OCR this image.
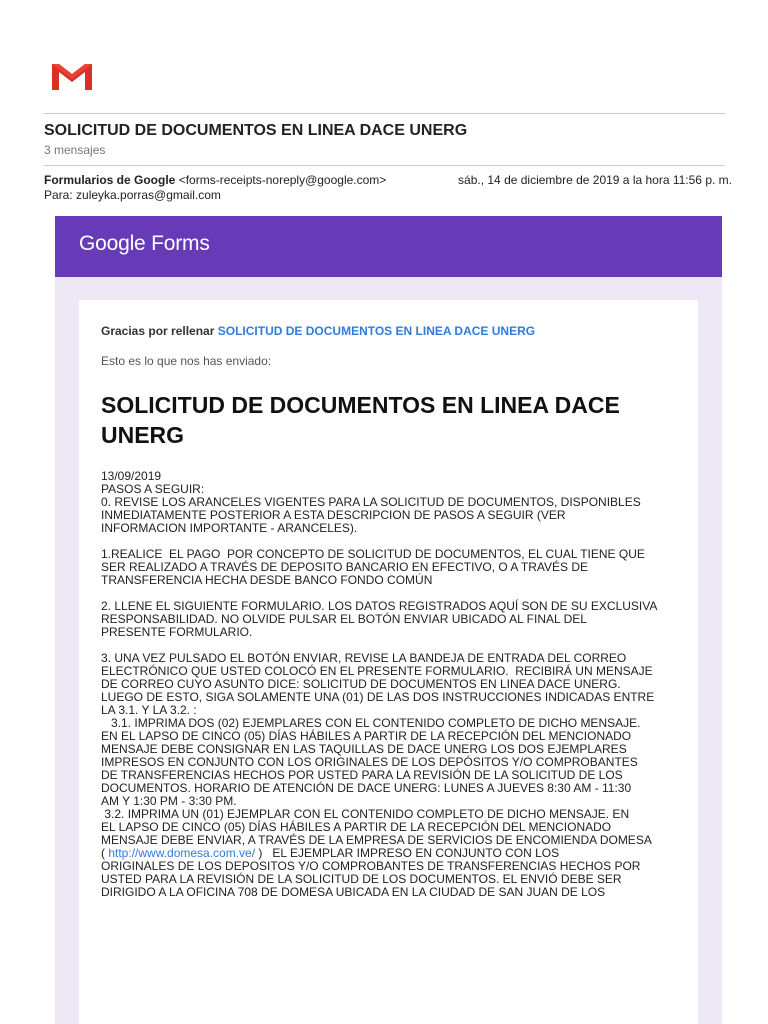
SOLICITUD DE DOCUMENTOS EN LINEA DACE UNERG
3 mensajes
Formularios de Google <forms-receipts-noreply@google.com>	sáb., 14 de diciembre de 2019 a la hora 11:56 p. m.
Para: zuleyka.porras@gmail.com
Google Forms
Gracias por rellenar SOLICITUD DE DOCUMENTOS EN LINEA DACE UNERG
Esto es lo que nos has enviado:
SOLICITUD DE DOCUMENTOS EN LINEA DACE UNERG

13/09/2019

PASOS A SEGUIR:

0. REVISE LOS ARANCELES VIGENTES PARA LA SOLICITUD DE DOCUMENTOS, DISPONIBLES

INMEDIATAMENTE POSTERIOR A ESTA DESCRIPCION DE PASOS A SEGUIR (VER

INFORMACION IMPORTANTE - ARANCELES).

1.REALICE  EL PAGO  POR CONCEPTO DE SOLICITUD DE DOCUMENTOS, EL CUAL TIENE QUE

SER REALIZADO A TRAVÉS DE DEPOSITO BANCARIO EN EFECTIVO, O A TRAVÉS DE

TRANSFERENCIA HECHA DESDE BANCO FONDO COMÚN

2. LLENE EL SIGUIENTE FORMULARIO. LOS DATOS REGISTRADOS AQUÍ SON DE SU EXCLUSIVA

RESPONSABILIDAD. NO OLVIDE PULSAR EL BOTÓN ENVIAR UBICADO AL FINAL DEL

PRESENTE FORMULARIO.

3. UNA VEZ PULSADO EL BOTÓN ENVIAR, REVISE LA BANDEJA DE ENTRADA DEL CORREO

ELECTRÓNICO QUE USTED COLOCÓ EN EL PRESENTE FORMULARIO.  RECIBIRÁ UN MENSAJE

DE CORREO CUYO ASUNTO DICE: SOLICITUD DE DOCUMENTOS EN LINEA DACE UNERG.

LUEGO DE ESTO, SIGA SOLAMENTE UNA (01) DE LAS DOS INSTRUCCIONES INDICADAS ENTRE

LA 3.1. Y LA 3.2. :

3.1. IMPRIMA DOS (02) EJEMPLARES CON EL CONTENIDO COMPLETO DE DICHO MENSAJE.

EN EL LAPSO DE CINCO (05) DÍAS HÁBILES A PARTIR DE LA RECEPCIÓN DEL MENCIONADO

MENSAJE DEBE CONSIGNAR EN LAS TAQUILLAS DE DACE UNERG LOS DOS EJEMPLARES

IMPRESOS EN CONJUNTO CON LOS ORIGINALES DE LOS DEPÓSITOS Y/O COMPROBANTES

DE TRANSFERENCIAS HECHOS POR USTED PARA LA REVISIÓN DE LA SOLICITUD DE LOS

DOCUMENTOS. HORARIO DE ATENCIÓN DE DACE UNERG: LUNES A JUEVES 8:30 AM - 11:30

AM Y 1:30 PM - 3:30 PM.

3.2. IMPRIMA UN (01) EJEMPLAR CON EL CONTENIDO COMPLETO DE DICHO MENSAJE. EN

EL LAPSO DE CINCO (05) DÍAS HÁBILES A PARTIR DE LA RECEPCIÓN DEL MENCIONADO

MENSAJE DEBE ENVIAR, A TRAVÉS DE LA EMPRESA DE SERVICIOS DE ENCOMIENDA DOMESA

( http://www.domesa.com.ve/ )   EL EJEMPLAR IMPRESO EN CONJUNTO CON LOS

ORIGINALES DE LOS DEPOSITOS Y/O COMPROBANTES DE TRANSFERENCIAS HECHOS POR

USTED PARA LA REVISIÓN DE LA SOLICITUD DE LOS DOCUMENTOS. EL ENVIÓ DEBE SER

DIRIGIDO A LA OFICINA 708 DE DOMESA UBICADA EN LA CIUDAD DE SAN JUAN DE LOS
